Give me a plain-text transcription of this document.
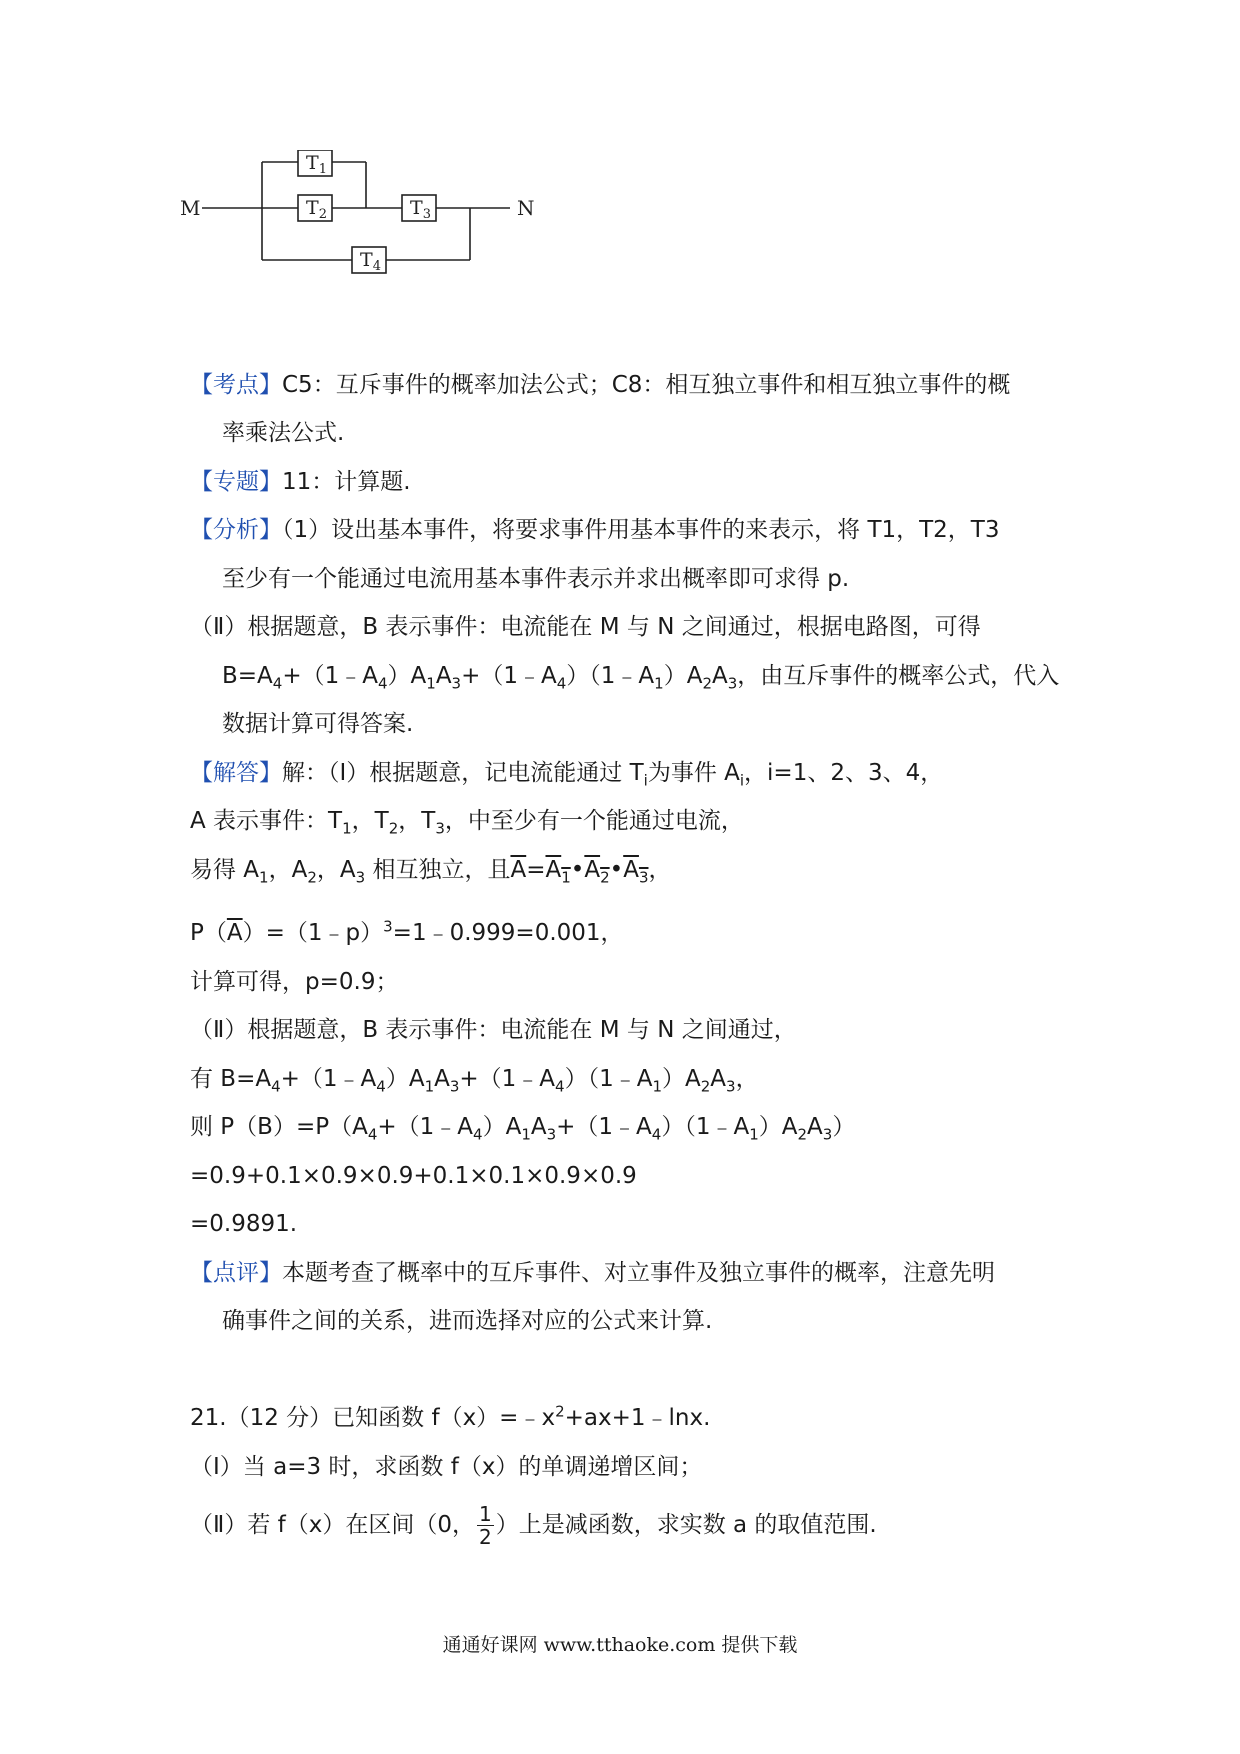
M	N
$T_1$
$T_2$	$T_3$
$T_4$
【考点】C5：互斥事件的概率加法公式；C8：相互独立事件和相互独立事件的概
率乘法公式.
【专题】11：计算题.
【分析】（1）设出基本事件，将要求事件用基本事件的来表示，将 T1，T2，T3
至少有一个能通过电流用基本事件表示并求出概率即可求得 p.
（Ⅱ）根据题意，B 表示事件：电流能在 M 与 N 之间通过，根据电路图，可得
$B=A_4+(1﹣A_4)A_1A_3+(1﹣A_4)(1﹣A_1)A_2A_3$，由互斥事件的概率公式，代入
数据计算可得答案.
【解答】解：（Ⅰ）根据题意，记电流能通过 $T_i$为事件 $A_i$，i=1、2、3、4，
A 表示事件：$T_1$，$T_2$，$T_3$，中至少有一个能通过电流，
易得 $A_1$，$A_2$，$A_3$ 相互独立，且$\overline{A}=A_1•A_2•A_3$，
$P(\overline{A})=(1﹣p)^3=1﹣0.999=0.001$，
计算可得，p=0.9；
（Ⅱ）根据题意，B 表示事件：电流能在 M 与 N 之间通过，
有 $B=A_4+(1﹣A_4)A_1A_3+(1﹣A_4)(1﹣A_1)A_2A_3$，
则 $P(B)=P(A_4+(1﹣A_4)A_1A_3+(1﹣A_4)(1﹣A_1)A_2A_3)$
=0.9+0.1×0.9×0.9+0.1×0.1×0.9×0.9
=0.9891.
【点评】本题考查了概率中的互斥事件、对立事件及独立事件的概率，注意先明
确事件之间的关系，进而选择对应的公式来计算.
21.（12 分）已知函数 $f(x)=﹣x^2+ax+1﹣\ln x$.
（Ⅰ）当 a=3 时，求函数 f（x）的单调递增区间；
（Ⅱ）若 f（x）在区间（0， $\frac{1}{2}$ ）上是减函数，求实数 a 的取值范围.
通通好课网 www.tthaoke.com 提供下载
